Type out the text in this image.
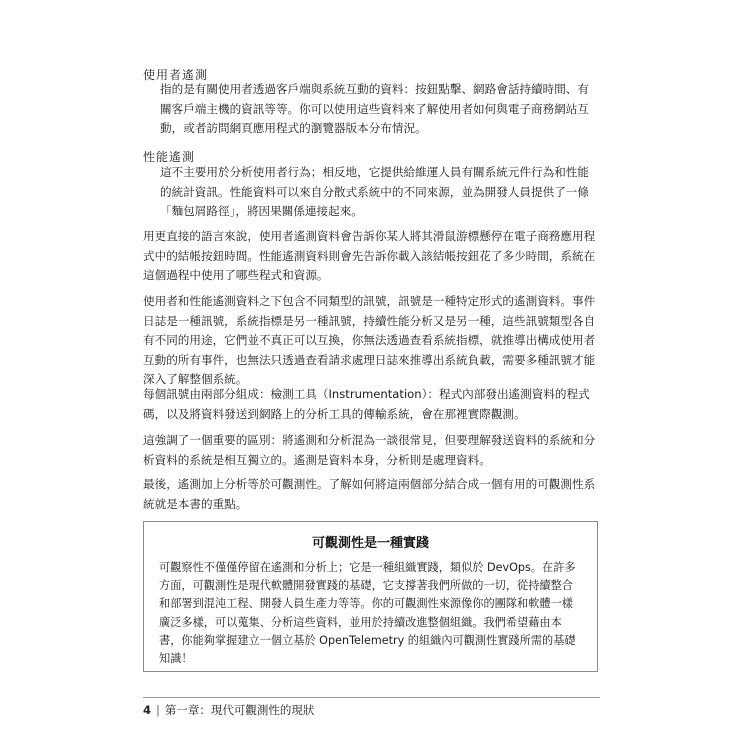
使用者遙測

指的是有關使用者透過客戶端與系統互動的資料：按鈕點擊、網路會話持續時間、有關客戶端主機的資訊等等。你可以使用這些資料來了解使用者如何與電子商務網站互動，或者訪問網頁應用程式的瀏覽器版本分布情況。

性能遙測

這不主要用於分析使用者行為；相反地，它提供給維運人員有關系統元件行為和性能的統計資訊。性能資料可以來自分散式系統中的不同來源，並為開發人員提供了一條「麵包屑路徑」，將因果關係連接起來。

用更直接的語言來說，使用者遙測資料會告訴你某人將其滑鼠游標懸停在電子商務應用程式中的結帳按鈕時間。性能遙測資料則會先告訴你載入該結帳按鈕花了多少時間，系統在這個過程中使用了哪些程式和資源。

使用者和性能遙測資料之下包含不同類型的訊號，訊號是一種特定形式的遙測資料。事件日誌是一種訊號，系統指標是另一種訊號，持續性能分析又是另一種，這些訊號類型各自有不同的用途，它們並不真正可以互換，你無法透過查看系統指標，就推導出構成使用者互動的所有事件，也無法只透過查看請求處理日誌來推導出系統負載，需要多種訊號才能深入了解整個系統。

每個訊號由兩部分組成：檢測工具（Instrumentation）：程式內部發出遙測資料的程式碼，以及將資料發送到網路上的分析工具的傳輸系統，會在那裡實際觀測。

這強調了一個重要的區別：將遙測和分析混為一談很常見，但要理解發送資料的系統和分析資料的系統是相互獨立的。遙測是資料本身，分析則是處理資料。

最後，遙測加上分析等於可觀測性。了解如何將這兩個部分結合成一個有用的可觀測性系統就是本書的重點。

可觀測性是一種實踐

可觀察性不僅僅停留在遙測和分析上；它是一種組織實踐，類似於 DevOps。在許多方面，可觀測性是現代軟體開發實踐的基礎，它支撐著我們所做的一切，從持續整合和部署到混沌工程、開發人員生產力等等。你的可觀測性來源像你的團隊和軟體一樣廣泛多樣，可以蒐集、分析這些資料，並用於持續改進整個組織。我們希望藉由本書，你能夠掌握建立一個立基於 OpenTelemetry 的組織內可觀測性實踐所需的基礎知識！

4 | 第一章：現代可觀測性的現狀
